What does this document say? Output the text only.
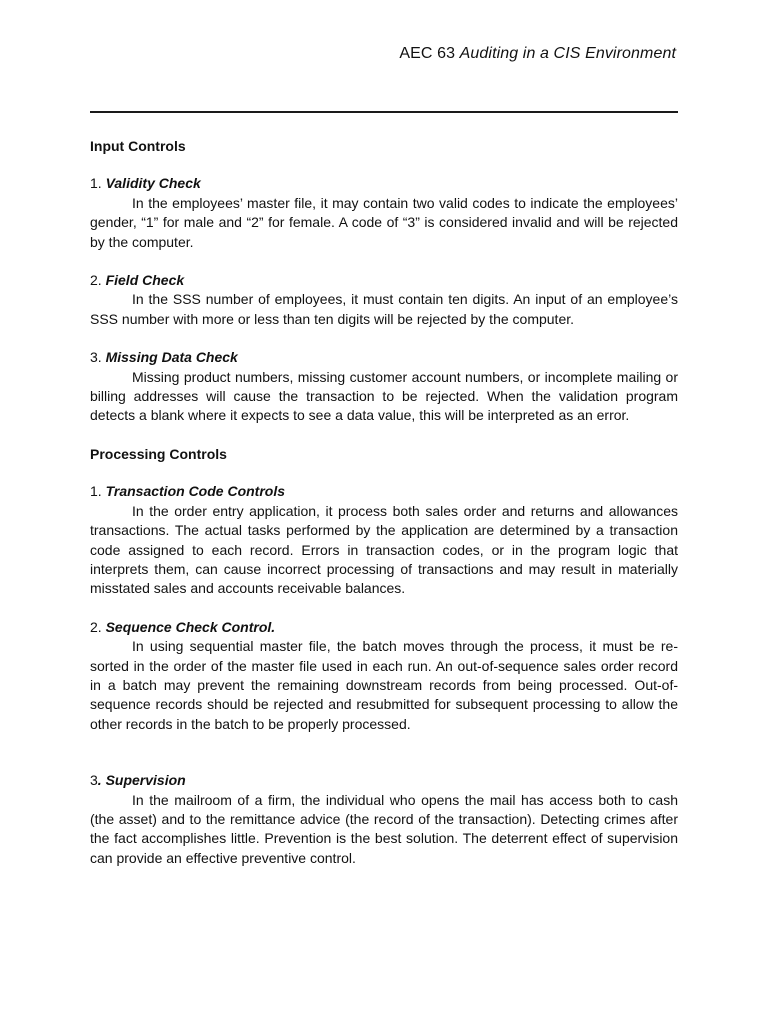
AEC 63 Auditing in a CIS Environment

Input Controls

1. Validity Check

In the employees’ master file, it may contain two valid codes to indicate the employees’ gender, “1” for male and “2” for female. A code of “3” is considered invalid and will be rejected by the computer.

2. Field Check

In the SSS number of employees, it must contain ten digits. An input of an employee’s SSS number with more or less than ten digits will be rejected by the computer.

3. Missing Data Check

Missing product numbers, missing customer account numbers, or incomplete mailing or billing addresses will cause the transaction to be rejected. When the validation program detects a blank where it expects to see a data value, this will be interpreted as an error.

Processing Controls

1. Transaction Code Controls

In the order entry application, it process both sales order and returns and allowances transactions. The actual tasks performed by the application are determined by a transaction code assigned to each record. Errors in transaction codes, or in the program logic that interprets them, can cause incorrect processing of transactions and may result in materially misstated sales and accounts receivable balances.

2. Sequence Check Control.

In using sequential master file, the batch moves through the process, it must be re-sorted in the order of the master file used in each run. An out-of-sequence sales order record in a batch may prevent the remaining downstream records from being processed. Out-of-sequence records should be rejected and resubmitted for subsequent processing to allow the other records in the batch to be properly processed.

3. Supervision

In the mailroom of a firm, the individual who opens the mail has access both to cash (the asset) and to the remittance advice (the record of the transaction). Detecting crimes after the fact accomplishes little. Prevention is the best solution. The deterrent effect of supervision can provide an effective preventive control.
